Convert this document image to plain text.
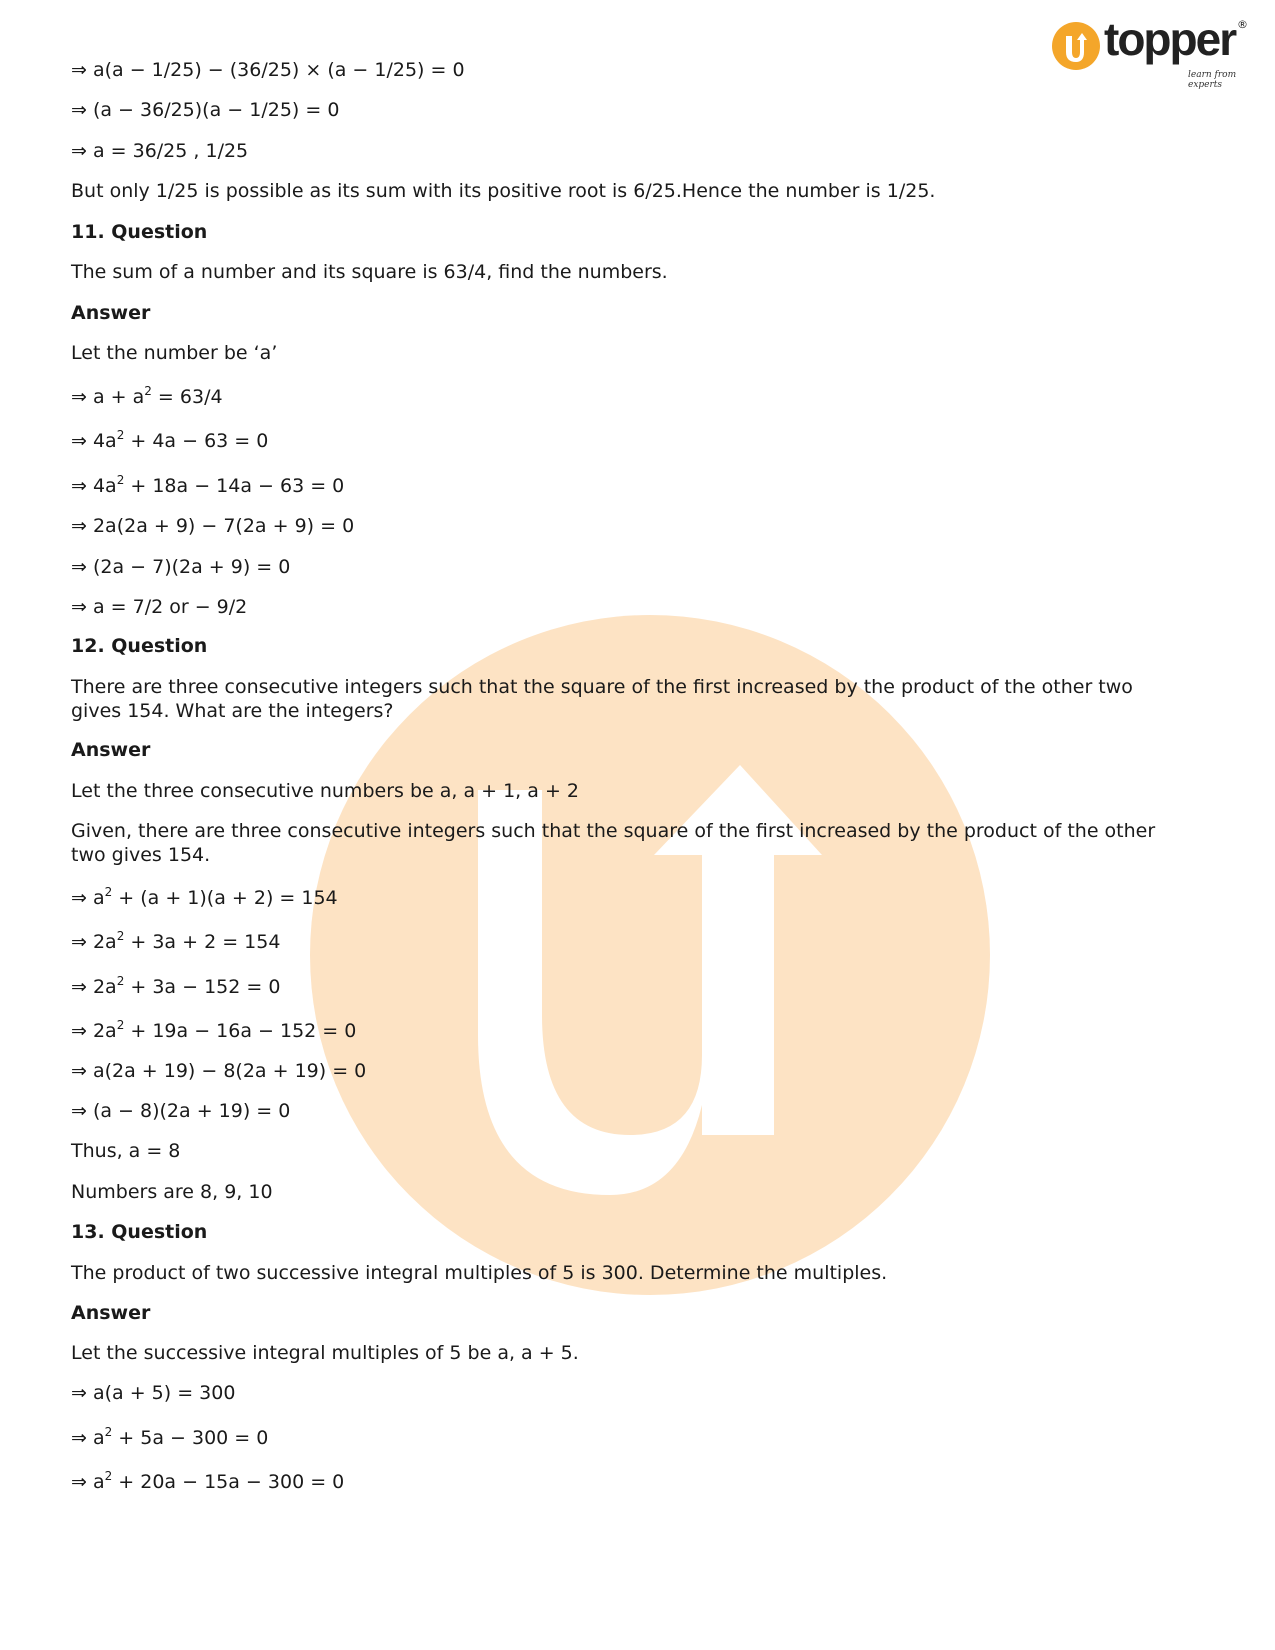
topper ®
learn from experts
⇒ a(a − 1/25) − (36/25) × (a − 1/25) = 0
⇒ (a − 36/25)(a − 1/25) = 0
⇒ a = 36/25 , 1/25
But only 1/25 is possible as its sum with its positive root is 6/25.Hence the number is 1/25.
11. Question
The sum of a number and its square is 63/4, find the numbers.
Answer
Let the number be ‘a’
⇒ $a + a^2 = 63/4$
⇒ $4a^2 + 4a - 63 = 0$
⇒ $4a^2 + 18a - 14a - 63 = 0$
⇒ 2a(2a + 9) − 7(2a + 9) = 0
⇒ (2a − 7)(2a + 9) = 0
⇒ a = 7/2 or − 9/2
12. Question
There are three consecutive integers such that the square of the first increased by the product of the other two gives 154. What are the integers?
Answer
Let the three consecutive numbers be a, a + 1, a + 2
Given, there are three consecutive integers such that the square of the first increased by the product of the other two gives 154.
⇒ $a^2 + (a + 1)(a + 2) = 154$
⇒ $2a^2 + 3a + 2 = 154$
⇒ $2a^2 + 3a - 152 = 0$
⇒ $2a^2 + 19a - 16a - 152 = 0$
⇒ a(2a + 19) − 8(2a + 19) = 0
⇒ (a − 8)(2a + 19) = 0
Thus, a = 8
Numbers are 8, 9, 10
13. Question
The product of two successive integral multiples of 5 is 300. Determine the multiples.
Answer
Let the successive integral multiples of 5 be a, a + 5.
⇒ a(a + 5) = 300
⇒ $a^2 + 5a - 300 = 0$
⇒ $a^2 + 20a - 15a - 300 = 0$
